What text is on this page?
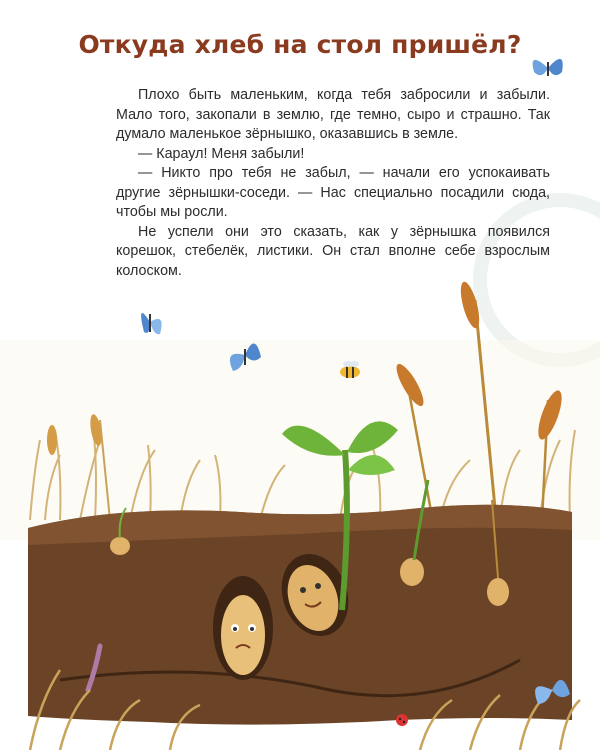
Откуда хлеб на стол пришёл?

Плохо быть маленьким, когда тебя забросили и забыли. Мало того, закопали в землю, где темно, сыро и страшно. Так думало маленькое зёрнышко, оказавшись в земле.

— Караул! Меня забыли!

— Никто про тебя не забыл, — начали его успокаивать другие зёрнышки-соседи. — Нас специально посадили сюда, чтобы мы росли.

Не успели они это сказать, как у зёрнышка появился корешок, стебелёк, листики. Он стал вполне себе взрослым колоском.
